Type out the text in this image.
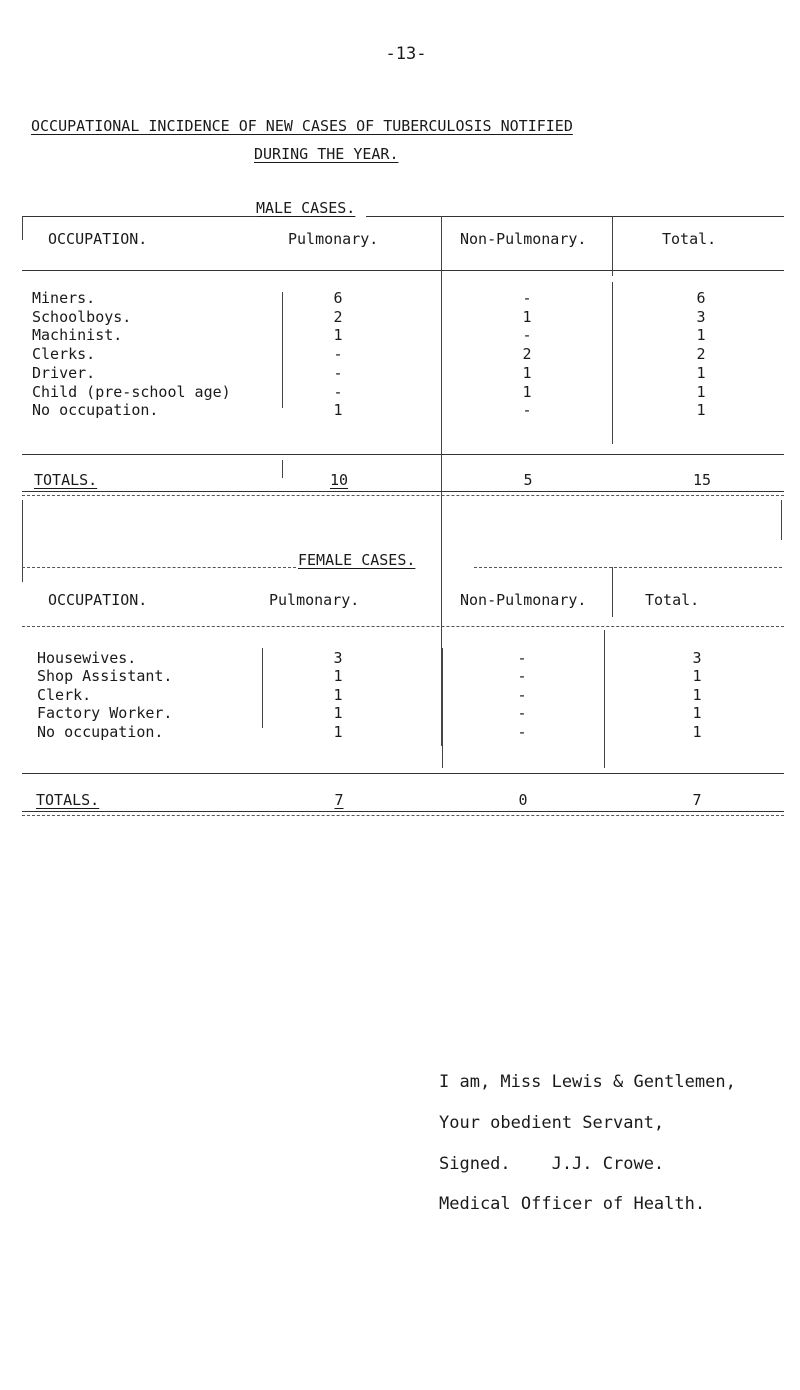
-13-
OCCUPATIONAL INCIDENCE OF NEW CASES OF TUBERCULOSIS NOTIFIED
DURING THE YEAR.
MALE CASES.
OCCUPATION.	Pulmonary.	Non-Pulmonary.	Total.
Miners.	6	-	6
Schoolboys.	2	1	3
Machinist.	1	-	1
Clerks.	-	2	2
Driver.	-	1	1
Child (pre-school age)	-	1	1
No occupation.	1	-	1
TOTALS.	10	5	15
FEMALE CASES.
OCCUPATION.	Pulmonary.	Non-Pulmonary.	Total.
Housewives.	3	-	3
Shop Assistant.	1	-	1
Clerk.	1	-	1
Factory Worker.	1	-	1
No occupation.	1	-	1
TOTALS.	7	0	7
I am, Miss Lewis & Gentlemen,
Your obedient Servant,
Signed.    J.J. Crowe.
Medical Officer of Health.
